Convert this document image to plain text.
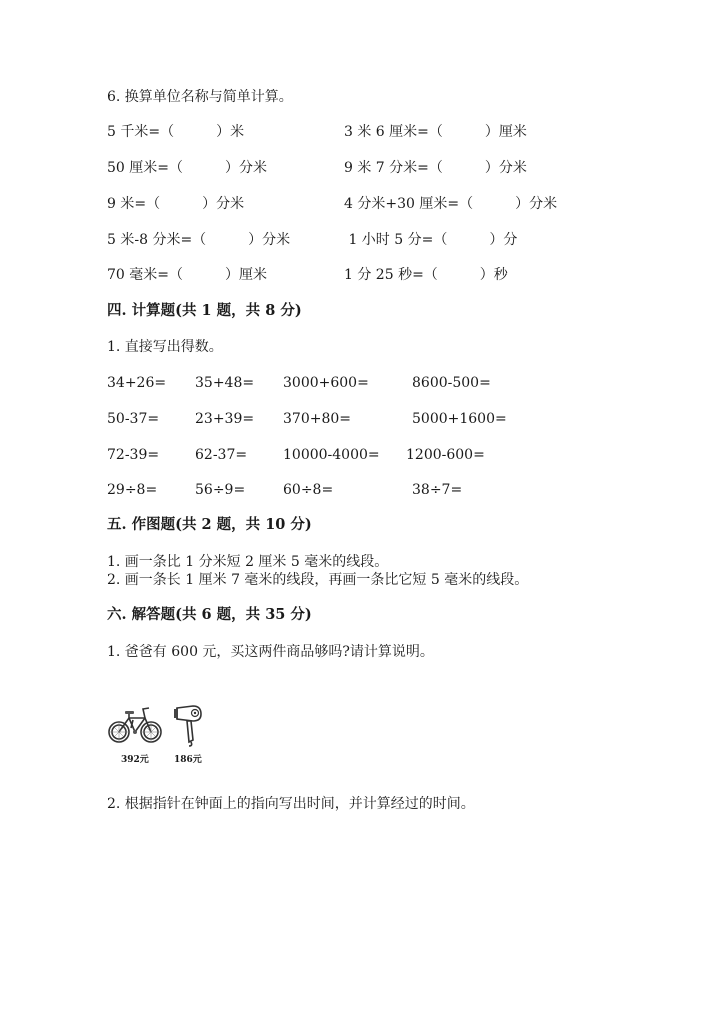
6. 换算单位名称与简单计算。
5 千米=（　　　）米	3 米 6 厘米=（　　　）厘米
50 厘米=（　　　）分米	9 米 7 分米=（　　　）分米
9 米=（　　　）分米	4 分米+30 厘米=（　　　）分米
5 米-8 分米=（　　　）分米	1 小时 5 分=（　　　）分
70 毫米=（　　　）厘米	1 分 25 秒=（　　　）秒
四. 计算题(共 1 题，共 8 分)
1. 直接写出得数。
34+26= 35+48= 3000+600=	8600-500=
50-37=	23+39= 370+80=	5000+1600=
72-39=	62-37=	10000-4000= 1200-600=
29÷8=	56÷9=	60÷8=	38÷7=
五. 作图题(共 2 题，共 10 分)
1. 画一条比 1 分米短 2 厘米 5 毫米的线段。
2. 画一条长 1 厘米 7 毫米的线段，再画一条比它短 5 毫米的线段。
六. 解答题(共 6 题，共 35 分)
1. 爸爸有 600 元，买这两件商品够吗?请计算说明。
392元	186元
2. 根据指针在钟面上的指向写出时间，并计算经过的时间。
